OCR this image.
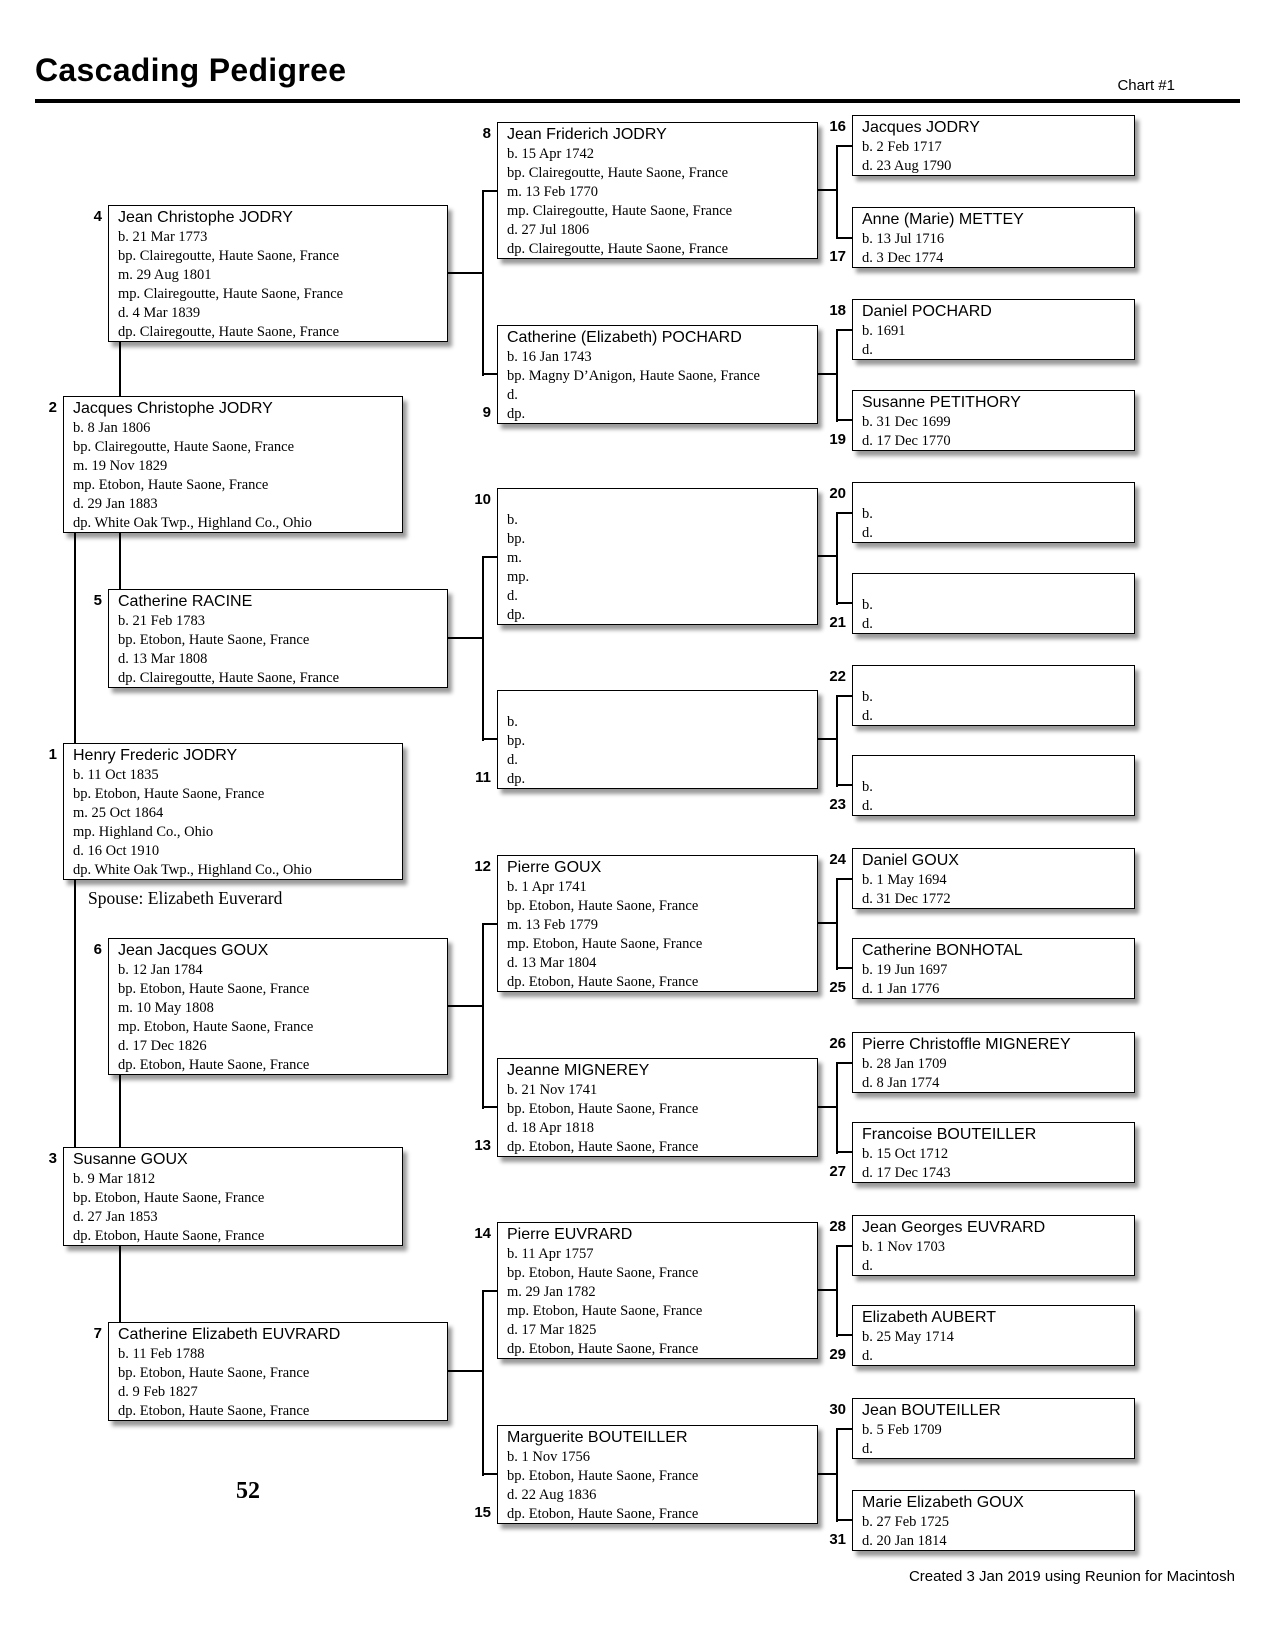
Cascading Pedigree	Chart #1
Spouse: Elizabeth Euverard
52
Created 3 Jan 2019 using Reunion for Macintosh
Henry Frederic JODRY
b. 11 Oct 1835
bp. Etobon, Haute Saone, France
m. 25 Oct 1864
mp. Highland Co., Ohio
d. 16 Oct 1910
dp. White Oak Twp., Highland Co., Ohio
1
Jacques Christophe JODRY
b. 8 Jan 1806
bp. Clairegoutte, Haute Saone, France
m. 19 Nov 1829
mp. Etobon, Haute Saone, France
d. 29 Jan 1883
dp. White Oak Twp., Highland Co., Ohio
2
Susanne GOUX
b. 9 Mar 1812
bp. Etobon, Haute Saone, France
d. 27 Jan 1853
dp. Etobon, Haute Saone, France
3
Jean Christophe JODRY
b. 21 Mar 1773
bp. Clairegoutte, Haute Saone, France
m. 29 Aug 1801
mp. Clairegoutte, Haute Saone, France
d. 4 Mar 1839
dp. Clairegoutte, Haute Saone, France
4
Catherine RACINE
b. 21 Feb 1783
bp. Etobon, Haute Saone, France
d. 13 Mar 1808
dp. Clairegoutte, Haute Saone, France
5
Jean Jacques GOUX
b. 12 Jan 1784
bp. Etobon, Haute Saone, France
m. 10 May 1808
mp. Etobon, Haute Saone, France
d. 17 Dec 1826
dp. Etobon, Haute Saone, France
6
Catherine Elizabeth EUVRARD
b. 11 Feb 1788
bp. Etobon, Haute Saone, France
d. 9 Feb 1827
dp. Etobon, Haute Saone, France
7
Jean Friderich JODRY
b. 15 Apr 1742
bp. Clairegoutte, Haute Saone, France
m. 13 Feb 1770
mp. Clairegoutte, Haute Saone, France
d. 27 Jul 1806
dp. Clairegoutte, Haute Saone, France
8
Catherine (Elizabeth) POCHARD
b. 16 Jan 1743
bp. Magny D’Anigon, Haute Saone, France
d.
dp.
9
b.
bp.
m.
mp.
d.
dp.
10
b.
bp.
d.
dp.
11
Pierre GOUX
b. 1 Apr 1741
bp. Etobon, Haute Saone, France
m. 13 Feb 1779
mp. Etobon, Haute Saone, France
d. 13 Mar 1804
dp. Etobon, Haute Saone, France
12
Jeanne MIGNEREY
b. 21 Nov 1741
bp. Etobon, Haute Saone, France
d. 18 Apr 1818
dp. Etobon, Haute Saone, France
13
Pierre EUVRARD
b. 11 Apr 1757
bp. Etobon, Haute Saone, France
m. 29 Jan 1782
mp. Etobon, Haute Saone, France
d. 17 Mar 1825
dp. Etobon, Haute Saone, France
14
Marguerite BOUTEILLER
b. 1 Nov 1756
bp. Etobon, Haute Saone, France
d. 22 Aug 1836
dp. Etobon, Haute Saone, France
15
Jacques JODRY
b. 2 Feb 1717
d. 23 Aug 1790
16
Anne (Marie) METTEY
b. 13 Jul 1716
d. 3 Dec 1774
17
Daniel POCHARD
b. 1691
d.
18
Susanne PETITHORY
b. 31 Dec 1699
d. 17 Dec 1770
19
b.
d.
20
b.
d.
21
b.
d.
22
b.
d.
23
Daniel GOUX
b. 1 May 1694
d. 31 Dec 1772
24
Catherine BONHOTAL
b. 19 Jun 1697
d. 1 Jan 1776
25
Pierre Christoffle MIGNEREY
b. 28 Jan 1709
d. 8 Jan 1774
26
Francoise BOUTEILLER
b. 15 Oct 1712
d. 17 Dec 1743
27
Jean Georges EUVRARD
b. 1 Nov 1703
d.
28
Elizabeth AUBERT
b. 25 May 1714
d.
29
Jean BOUTEILLER
b. 5 Feb 1709
d.
30
Marie Elizabeth GOUX
b. 27 Feb 1725
d. 20 Jan 1814
31
